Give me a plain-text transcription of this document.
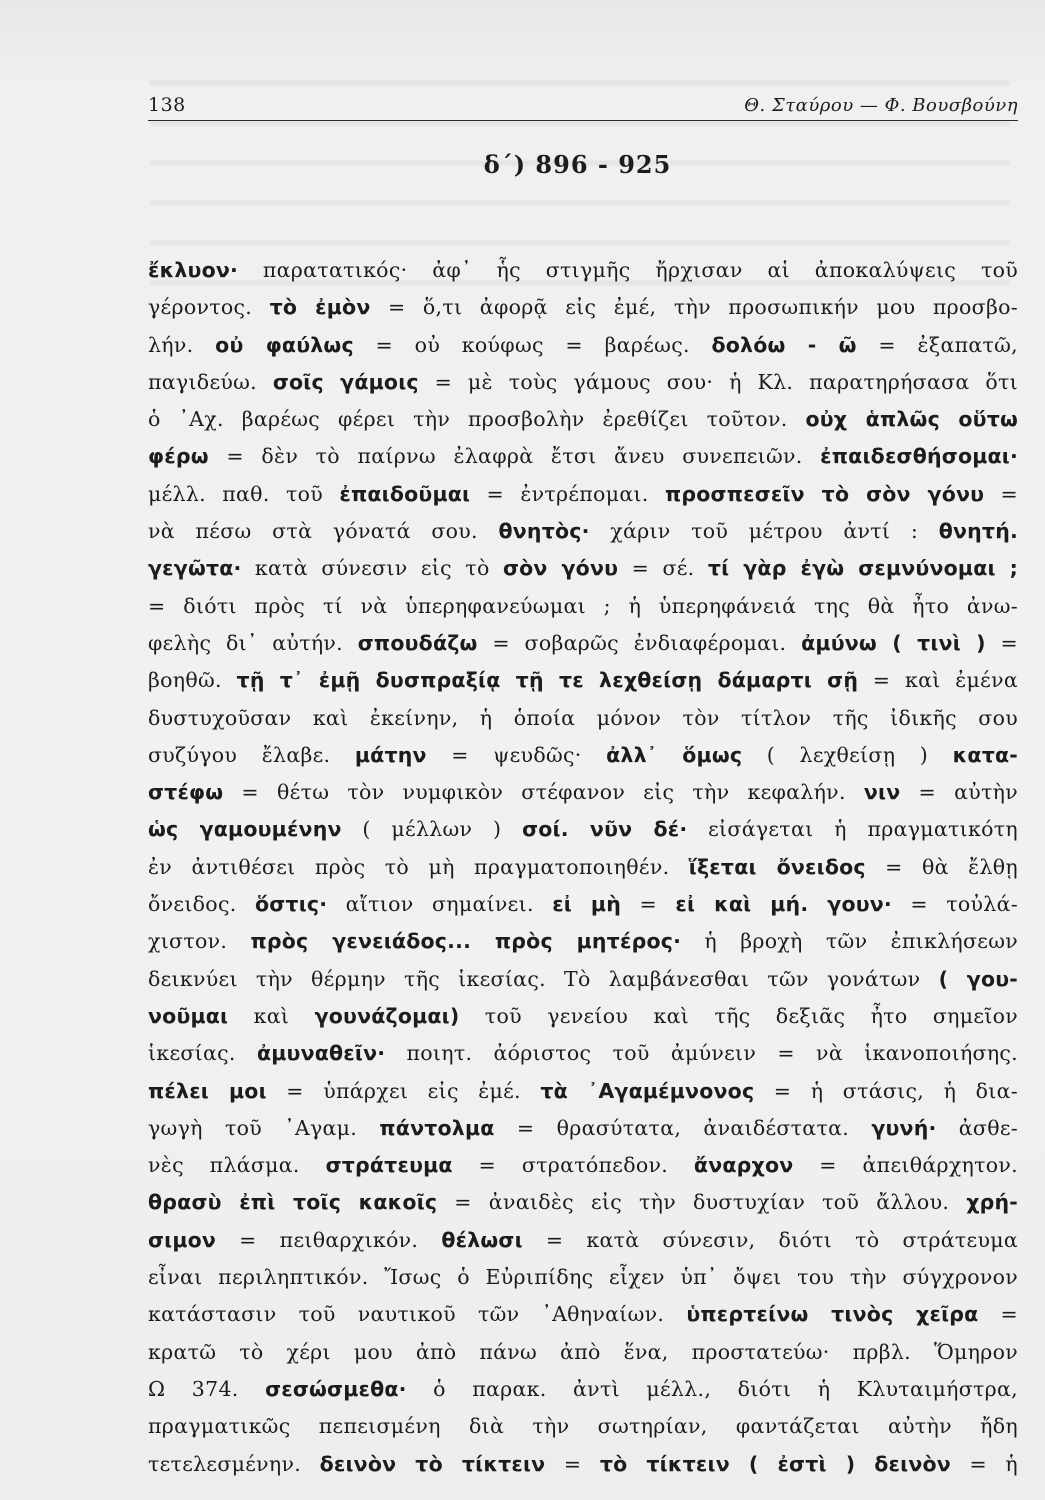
138	Θ. Σταύρου — Φ. Βουσβούνη
δ΄) 896 - 925
ἔκλυον· παρατατικός· ἀφ᾿ ἧς στιγμῆς ἤρχισαν αἱ ἀποκαλύψεις τοῦ
γέροντος. τὸ ἐμὸν = ὅ,τι ἀφορᾷ εἰς ἐμέ, τὴν προσωπικήν μου προσβο-
λήν. οὐ φαύλως = οὐ κούφως = βαρέως. δολόω - ῶ = ἐξαπατῶ,
παγιδεύω. σοῖς γάμοις = μὲ τοὺς γάμους σου· ἡ Κλ. παρατηρήσασα ὅτι
ὁ ᾿Αχ. βαρέως φέρει τὴν προσβολὴν ἐρεθίζει τοῦτον. οὐχ ἁπλῶς οὕτω
φέρω = δὲν τὸ παίρνω ἐλαφρὰ ἔτσι ἄνευ συνεπειῶν. ἐπαιδεσθήσομαι·
μέλλ. παθ. τοῦ ἐπαιδοῦμαι = ἐντρέπομαι. προσπεσεῖν τὸ σὸν γόνυ =
νὰ πέσω στὰ γόνατά σου. θνητὸς· χάριν τοῦ μέτρου ἀντί : θνητή.
γεγῶτα· κατὰ σύνεσιν εἰς τὸ σὸν γόνυ = σέ. τί γὰρ ἐγὼ σεμνύνομαι ;
= διότι πρὸς τί νὰ ὑπερηφανεύωμαι ; ἡ ὑπερηφάνειά της θὰ ἦτο ἀνω-
φελὴς δι᾿ αὐτήν. σπουδάζω = σοβαρῶς ἐνδιαφέρομαι. ἀμύνω ( τινὶ ) =
βοηθῶ. τῇ τ᾿ ἐμῇ δυσπραξίᾳ τῇ τε λεχθείσῃ δάμαρτι σῇ = καὶ ἐμένα
δυστυχοῦσαν καὶ ἐκείνην, ἡ ὁποία μόνον τὸν τίτλον τῆς ἰδικῆς σου
συζύγου ἔλαβε. μάτην = ψευδῶς· ἀλλ᾿ ὅμως ( λεχθείσῃ ) κατα-
στέφω = θέτω τὸν νυμφικὸν στέφανον εἰς τὴν κεφαλήν. νιν = αὐτὴν
ὡς γαμουμένην ( μέλλων ) σοί. νῦν δέ· εἰσάγεται ἡ πραγματικότη
ἐν ἀντιθέσει πρὸς τὸ μὴ πραγματοποιηθέν. ἵξεται ὄνειδος = θὰ ἔλθῃ
ὄνειδος. ὅστις· αἴτιον σημαίνει. εἰ μὴ = εἰ καὶ μή. γουν· = τοὐλά-
χιστον. πρὸς γενειάδος... πρὸς μητέρος· ἡ βροχὴ τῶν ἐπικλήσεων
δεικνύει τὴν θέρμην τῆς ἱκεσίας. Τὸ λαμβάνεσθαι τῶν γονάτων ( γου-
νοῦμαι καὶ γουνάζομαι) τοῦ γενείου καὶ τῆς δεξιᾶς ἦτο σημεῖον
ἱκεσίας. ἀμυναθεῖν· ποιητ. ἀόριστος τοῦ ἀμύνειν = νὰ ἱκανοποιήσης.
πέλει μοι = ὑπάρχει εἰς ἐμέ. τὰ ᾿Αγαμέμνονος = ἡ στάσις, ἡ δια-
γωγὴ τοῦ ᾿Αγαμ. πάντολμα = θρασύτατα, ἀναιδέστατα. γυνή· ἀσθε-
νὲς πλάσμα. στράτευμα = στρατόπεδον. ἄναρχον = ἀπειθάρχητον.
θρασὺ ἐπὶ τοῖς κακοῖς = ἀναιδὲς εἰς τὴν δυστυχίαν τοῦ ἄλλου. χρή-
σιμον = πειθαρχικόν. θέλωσι = κατὰ σύνεσιν, διότι τὸ στράτευμα
εἶναι περιληπτικόν. Ἴσως ὁ Εὐριπίδης εἶχεν ὑπ᾿ ὄψει του τὴν σύγχρονον
κατάστασιν τοῦ ναυτικοῦ τῶν ᾿Αθηναίων. ὑπερτείνω τινὸς χεῖρα =
κρατῶ τὸ χέρι μου ἀπὸ πάνω ἀπὸ ἕνα, προστατεύω· πρβλ. Ὅμηρον
Ω 374. σεσώσμεθα· ὁ παρακ. ἀντὶ μέλλ., διότι ἡ Κλυταιμήστρα,
πραγματικῶς πεπεισμένη διὰ τὴν σωτηρίαν, φαντάζεται αὐτὴν ἤδη
τετελεσμένην. δεινὸν τὸ τίκτειν = τὸ τίκτειν ( ἐστὶ ) δεινὸν = ἡ
